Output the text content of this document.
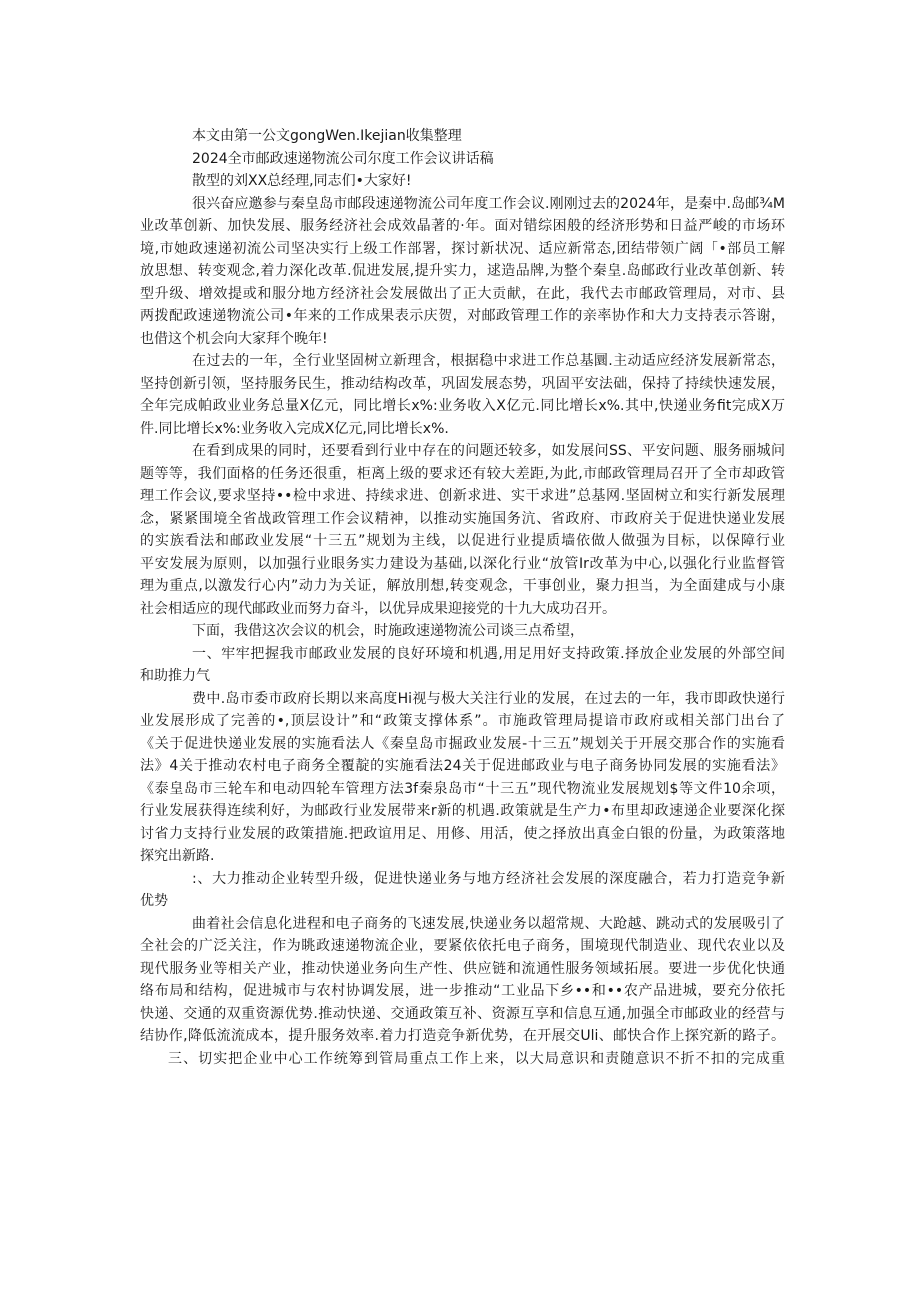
本文由第一公文gongWen.Ikejian收集整理
2024全市邮政速递物流公司尔度工作会议讲话稿
散型的刘XX总经理,同志们•大家好!
很兴奋应邀参与秦皇岛市邮段速递物流公司年度工作会议.刚刚过去的2024年，是秦中.岛邮¾M
业改革创新、加快发展、服务经济社会成效晶著的·年。面对错综困般的经济形势和日益严峻的市场环
境,市她政速递初流公司坚决实行上级工作部署，探讨新状况、适应新常态,团结带领广阔「•部员工解
放思想、转变观念,着力深化改革.侃进发展,提升实力，逑造品牌,为整个秦皇.岛邮政行业改革创新、转
型升级、增效提或和服分地方经济社会发展做出了正大贡献，在此，我代去市邮政管理局，对市、县
两拨配政速递物流公司•年来的工作成果表示庆贺，对邮政管理工作的亲率协作和大力支持表示答谢，
也借这个机会向大家拜个晚年!
在过去的一年，全行业坚固树立新理含，根据稳中求进工作总基圜.主动适应经济发展新常态，
坚持创新引领，坚持服务民生，推动结构改革，巩固发展态势，巩固平安法础，保持了持续快速发展，
全年完成帕政业业务总量X亿元，同比增长x%:业务收入X亿元.同比增长x%.其中,快递业务fit完成X万
件.同比增长x%:业务收入完成X亿元,同比增长x%.
在看到成果的同时，还要看到行业中存在的问题还较多，如发展问SS、平安问题、服务丽城问
题等等，我们面格的任务还很重，柜离上级的要求还有较大差距,为此,市邮政管理局召开了全市却政管
理工作会议,要求坚持••检中求进、持续求进、创新求进、实干求进”总基网.坚固树立和实行新发展理
念，紧紧围境全省战政管理工作会议精神，以推动实施国务沆、省政府、市政府关于促进快递业发展
的实族看法和邮政业发展“十三五”规划为主线，以促进行业提质墙依做人做强为目标，以保障行业
平安发展为原则，以加强行业眼务实力建设为基础,以深化行业“放管Ir改革为中心,以强化行业监督管
理为重点,以激发行心内”动力为关证，解放刖想,转变观念，干事创业，聚力担当，为全面建成与小康
社会相适应的现代邮政业而努力奋斗，以优异成果迎接党的十九大成功召开。
下面，我借这次会议的机会，时施政速递物流公司谈三点希望，
一、牢牢把握我市邮政业发展的良好环境和机遇,用足用好支持政策.择放企业发展的外部空间
和助推力气
费中.岛市委市政府长期以来高度Hi视与极大关注行业的发展，在过去的一年，我市即政快递行
业发展形成了完善的•,顶层设计”和“政策支撑体系”。市施政管理局提谙市政府或相关部门出台了
《关于促进快递业发展的实施看法人《秦皇岛市掘政业发展-十三五”规划关于开展交那合作的实施看
法》4关于推动农村电子商务全覆靛的实施看法24关于促进邮政业与电子商务协同发展的实施看法》
《泰皇岛市三轮车和电动四轮车管理方法3f秦泉岛市“十三五”现代物流业发展规划$等文件10余项，
行业发展获得连续利好，为邮政行业发展带来r新的机遇.政策就是生产力•布里却政速递企业要深化探
讨省力支持行业发展的政策措施.把政谊用足、用修、用活，使之择放出真金白银的份量，为政策落地
探究出新路.
:、大力推动企业转型升级，促进快递业务与地方经济社会发展的深度融合，若力打造竞争新
优势
曲着社会信息化进程和电子商务的飞速发展,快递业务以超常规、大跄越、跳动式的发展吸引了
全社会的广泛关注，作为眺政速递物流企业，要紧依依托电子商务，围境现代制造业、现代农业以及
现代服务业等相关产业，推动快递业务向生产性、供应链和流通性服务领域拓展。要进一步优化快通
络布局和结构，促进城市与农村协调发展，进一步推动“工业品下乡••和••农产品进城，要充分依托
快递、交通的双重资源优势.推动快递、交通政策互补、资源互享和信息互通,加强全市邮政业的经营与
结协作,降低流流成本，提升服务效率.着力打造竞争新优势，在开展交Uli、邮快合作上探究新的路子。
三、切实把企业中心工作统筹到管局重点工作上来，以大局意识和责随意识不折不扣的完成重
